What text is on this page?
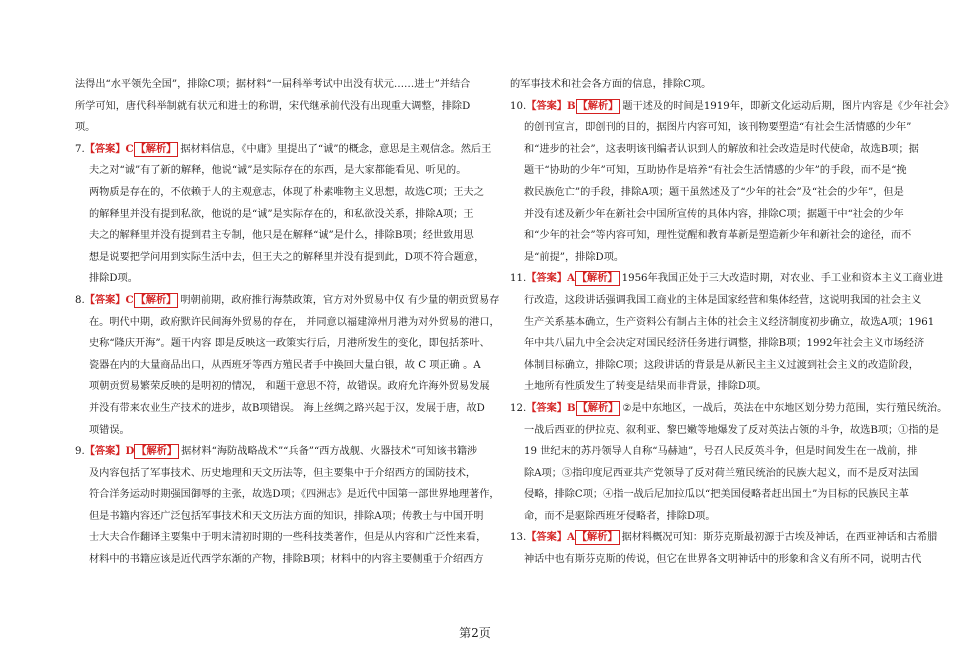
法得出“水平领先全国”，排除C项；据材料“一届科举考试中出没有状元……进士”并结合
所学可知，唐代科举制就有状元和进士的称谓，宋代继承前代没有出现重大调整，排除D
项。
7.【答案】C 【解析】 据材料信息，《中庸》里提出了“诚”的概念，意思是主观信念。然后王
夫之对“诚”有了新的解释，他说“诚”是实际存在的东西，是大家都能看见、听见的。
两物质是存在的，不依赖于人的主观意志，体现了朴素唯物主义思想，故选C项；王夫之
的解释里并没有提到私欲，他说的是“诚”是实际存在的，和私欲没关系，排除A项；王
夫之的解释里并没有提到君主专制，他只是在解释“诚”是什么，排除B项；经世致用思
想是说要把学问用到实际生活中去，但王夫之的解释里并没有提到此，D项不符合题意，
排除D项。
8.【答案】C 【解析】 明朝前期，政府推行海禁政策，官方对外贸易中仅 有少量的朝贡贸易存
在。明代中期，政府默许民间海外贸易的存在， 并同意以福建漳州月港为对外贸易的港口，
史称“隆庆开海”。题干内容 即是反映这一政策实行后，月港所发生的变化，即包括茶叶、
瓷器在内的大量商品出口，从西班牙等西方殖民者手中换回大量白银，故 C 项正确 。A
项朝贡贸易繁荣反映的是明初的情况， 和题干意思不符，故错误。政府允许海外贸易发展
并没有带来农业生产技术的进步，故B项错误。 海上丝绸之路兴起于汉，发展于唐，故D
项错误。
9.【答案】D 【解析】 据材料“海防战略战术”“兵备”“西方战舰、火器技术”可知该书籍涉
及内容包括了军事技术、历史地理和天文历法等，但主要集中于介绍西方的国防技术，
符合洋务运动时期强国御辱的主张，故选D项；《四洲志》是近代中国第一部世界地理著作，
但是书籍内容还广泛包括军事技术和天文历法方面的知识，排除A项；传教士与中国开明
士大夫合作翻译主要集中于明末清初时期的一些科技类著作，但是从内容和广泛性来看，
材料中的书籍应该是近代西学东渐的产物，排除B项；材料中的内容主要侧重于介绍西方
的军事技术和社会各方面的信息，排除C项。
10.【答案】B 【解析】 题干述及的时间是1919年，即新文化运动后期，图片内容是《少年社会》
的创刊宣言，即创刊的目的，据图片内容可知，该刊物要塑造“有社会生活情感的少年”
和“进步的社会”，这表明该刊编者认识到人的解放和社会改造是时代使命，故选B项；据
题干“协助的少年”可知，互助协作是培养“有社会生活情感的少年”的手段，而不是“挽
救民族危亡”的手段，排除A项；题干虽然述及了“少年的社会”及“社会的少年”，但是
并没有述及新少年在新社会中国所宣传的具体内容，排除C项；据题干中“社会的少年
和“少年的社会”等内容可知，理性觉醒和教育革新是塑造新少年和新社会的途径，而不
是“前提”，排除D项。
11.【答案】A 【解析】 1956年我国正处于三大改造时期，对农业、手工业和资本主义工商业进
行改造，这段讲话强调我国工商业的主体是国家经营和集体经营，这说明我国的社会主义
生产关系基本确立，生产资料公有制占主体的社会主义经济制度初步确立，故选A项；1961
年中共八届九中全会决定对国民经济任务进行调整，排除B项；1992年社会主义市场经济
体制目标确立，排除C项；这段讲话的背景是从新民主主义过渡到社会主义的改造阶段，
土地所有性质发生了转变是结果而非背景，排除D项。
12.【答案】B 【解析】 ②是中东地区，一战后，英法在中东地区划分势力范围，实行殖民统治。
一战后西亚的伊拉克、叙利亚、黎巴嫩等地爆发了反对英法占领的斗争，故选B项；①指的是
19 世纪末的苏丹领导人自称“马赫迪”，号召人民反英斗争，但是时间发生在一战前，排
除A项；③指印度尼西亚共产党领导了反对荷兰殖民统治的民族大起义，而不是反对法国
侵略，排除C项；④指一战后尼加拉瓜以“把美国侵略者赶出国土”为目标的民族民主革
命，而不是驱除西班牙侵略者，排除D项。
13.【答案】A 【解析】 据材料概况可知：斯芬克斯最初源于古埃及神话，在西亚神话和古希腊
神话中也有斯芬克斯的传说，但它在世界各文明神话中的形象和含义有所不同，说明古代
第2页
